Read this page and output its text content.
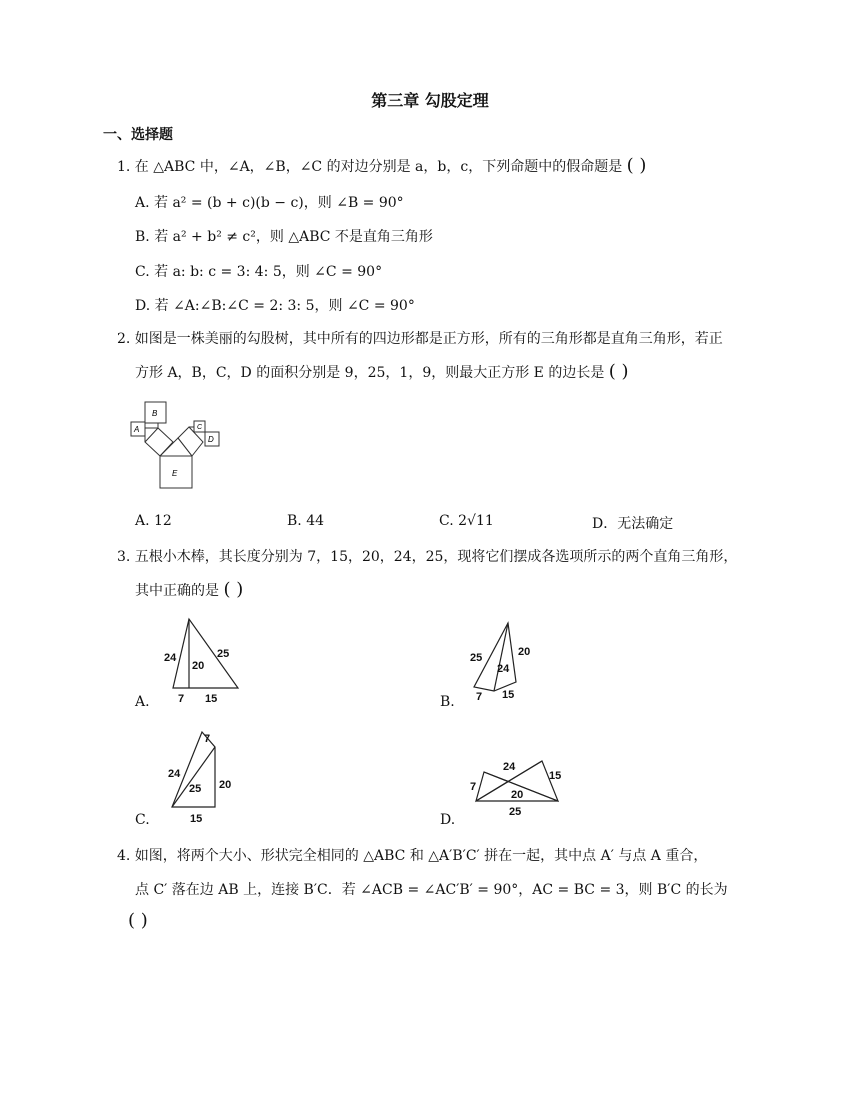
第三章 勾股定理
一、选择题
1. 在 △ABC 中，∠A，∠B，∠C 的对边分别是 a，b，c，下列命题中的假命题是 ( )
A. 若 a² = (b + c)(b − c)，则 ∠B = 90°
B. 若 a² + b² ≠ c²，则 △ABC 不是直角三角形
C. 若 a: b: c = 3: 4: 5，则 ∠C = 90°
D. 若 ∠A:∠B:∠C = 2: 3: 5，则 ∠C = 90°
2. 如图是一株美丽的勾股树，其中所有的四边形都是正方形，所有的三角形都是直角三角形，若正
方形 A，B，C，D 的面积分别是 9，25，1，9，则最大正方形 E 的边长是 ( )
B
A	C
D
E
A. 12	B. 44	C. 2√11	D．无法确定
3. 五根小木棒，其长度分别为 7，15，20，24，25，现将它们摆成各选项所示的两个直角三角形，
其中正确的是 ( )
24
20
25
7 15
A.
25
24
20
7 15
B.
7
24
25 20
15
C.
24
7
20
15
25
D.
4. 如图，将两个大小、形状完全相同的 △ABC 和 △A′B′C′ 拼在一起，其中点 A′ 与点 A 重合，
点 C′ 落在边 AB 上，连接 B′C．若 ∠ACB = ∠AC′B′ = 90°，AC = BC = 3，则 B′C 的长为
( )
